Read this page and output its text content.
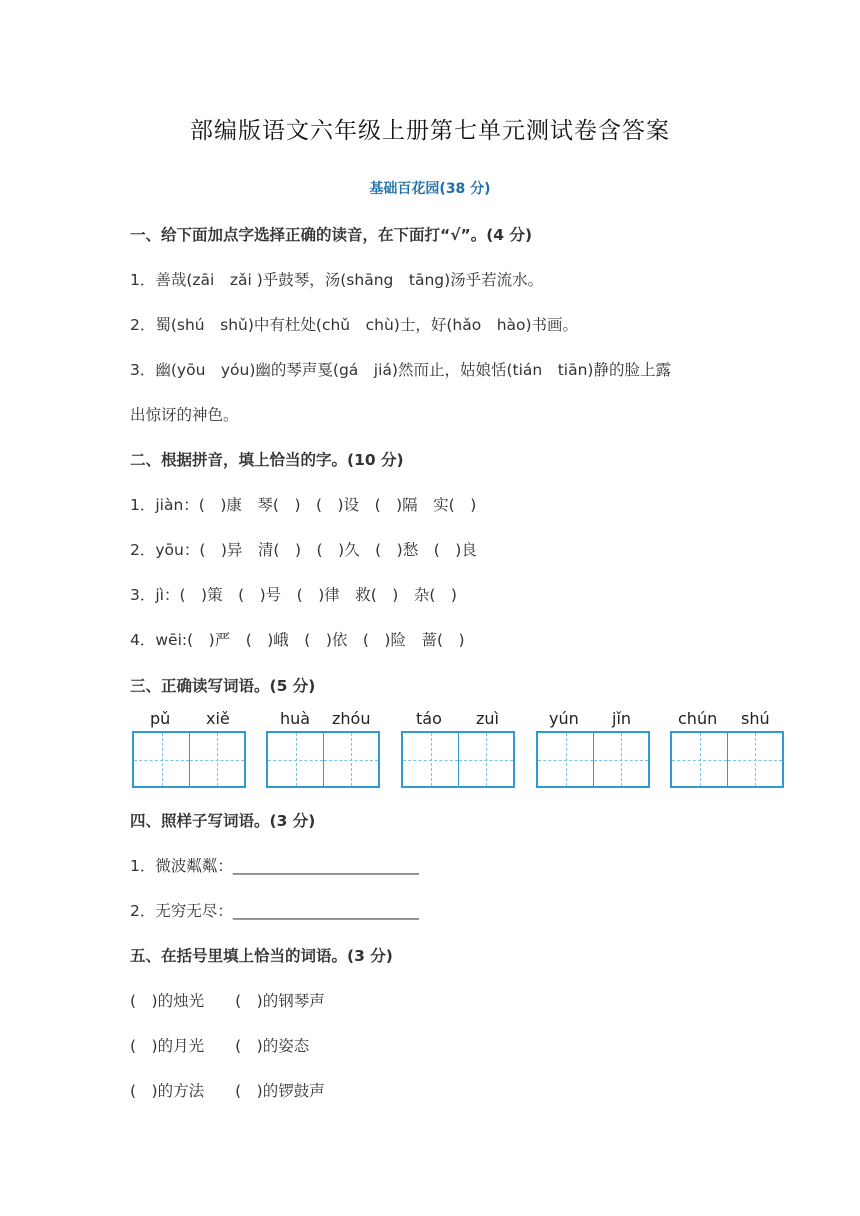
部编版语文六年级上册第七单元测试卷含答案
基础百花园(38 分)
一、给下面加点字选择正确的读音，在下面打“√”。(4 分)
1．善哉(zāi　zǎi )乎鼓琴，汤(shāng　tāng)汤乎若流水。
2．蜀(shú　shǔ)中有杜处(chǔ　chù)士，好(hǎo　hào)书画。
3．幽(yōu　yóu)幽的琴声戛(gá　jiá)然而止，姑娘恬(tián　tiān)静的脸上露
出惊讶的神色。
二、根据拼音，填上恰当的字。(10 分)
1．jiàn：(　)康　琴(　)　(　)设　(　)隔　实(　)
2．yōu：(　)异　清(　)　(　)久　(　)愁　(　)良
3．jì：(　)策　(　)号　(　)律　救(　)　杂(　)
4．wēi:(　)严　(　)峨　(　)依　(　)险　蔷(　)
三、正确读写词语。(5 分)
pǔ xiě	huà zhóu	táo zuì	yún jǐn	chún shú
四、照样子写词语。(3 分)
1．微波粼粼：________________________
2．无穷无尽：________________________
五、在括号里填上恰当的词语。(3 分)
(　)的烛光　　(　)的钢琴声
(　)的月光　　(　)的姿态
(　)的方法　　(　)的锣鼓声
